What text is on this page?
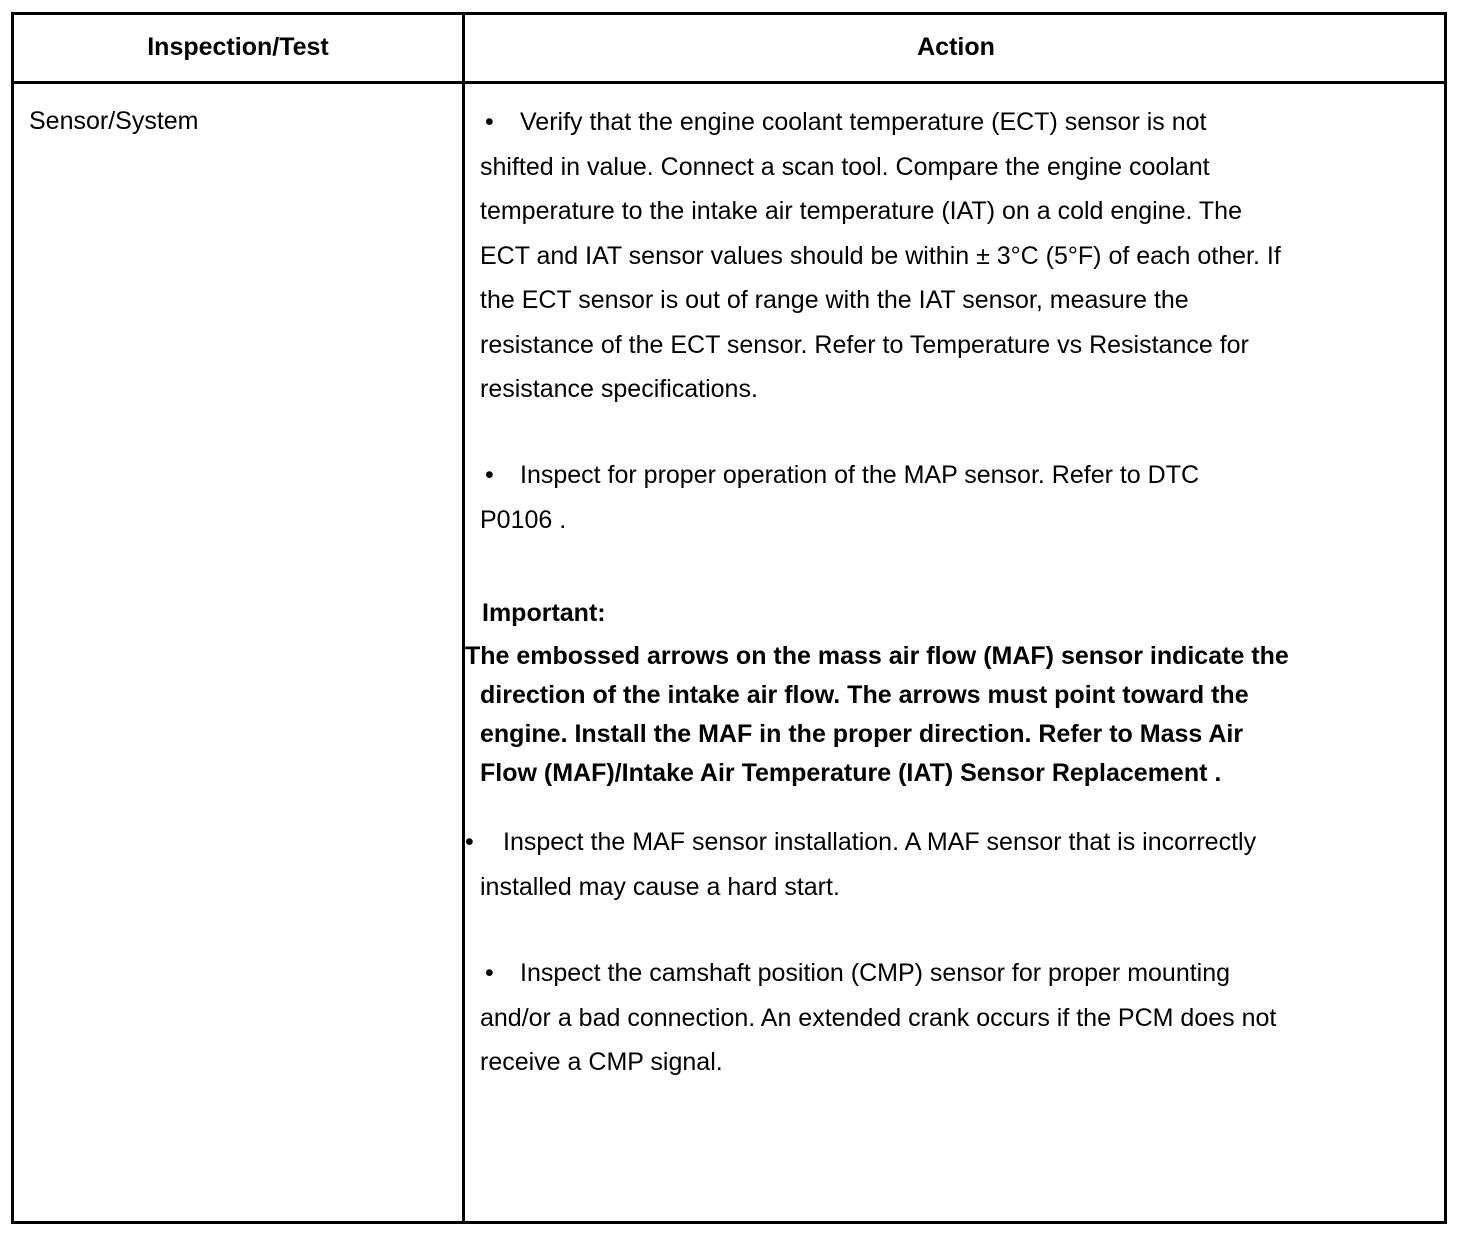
Inspection/Test	Action
Sensor/System	• Verify that the engine coolant temperature (ECT) sensor is not
shifted in value. Connect a scan tool. Compare the engine coolant
temperature to the intake air temperature (IAT) on a cold engine. The
ECT and IAT sensor values should be within ± 3°C (5°F) of each other. If
the ECT sensor is out of range with the IAT sensor, measure the
resistance of the ECT sensor. Refer to Temperature vs Resistance for
resistance specifications.
• Inspect for proper operation of the MAP sensor. Refer to DTC
P0106 .
Important:
The embossed arrows on the mass air flow (MAF) sensor indicate the
direction of the intake air flow. The arrows must point toward the
engine. Install the MAF in the proper direction. Refer to Mass Air
Flow (MAF)/Intake Air Temperature (IAT) Sensor Replacement .
• Inspect the MAF sensor installation. A MAF sensor that is incorrectly
installed may cause a hard start.
• Inspect the camshaft position (CMP) sensor for proper mounting
and/or a bad connection. An extended crank occurs if the PCM does not
receive a CMP signal.
